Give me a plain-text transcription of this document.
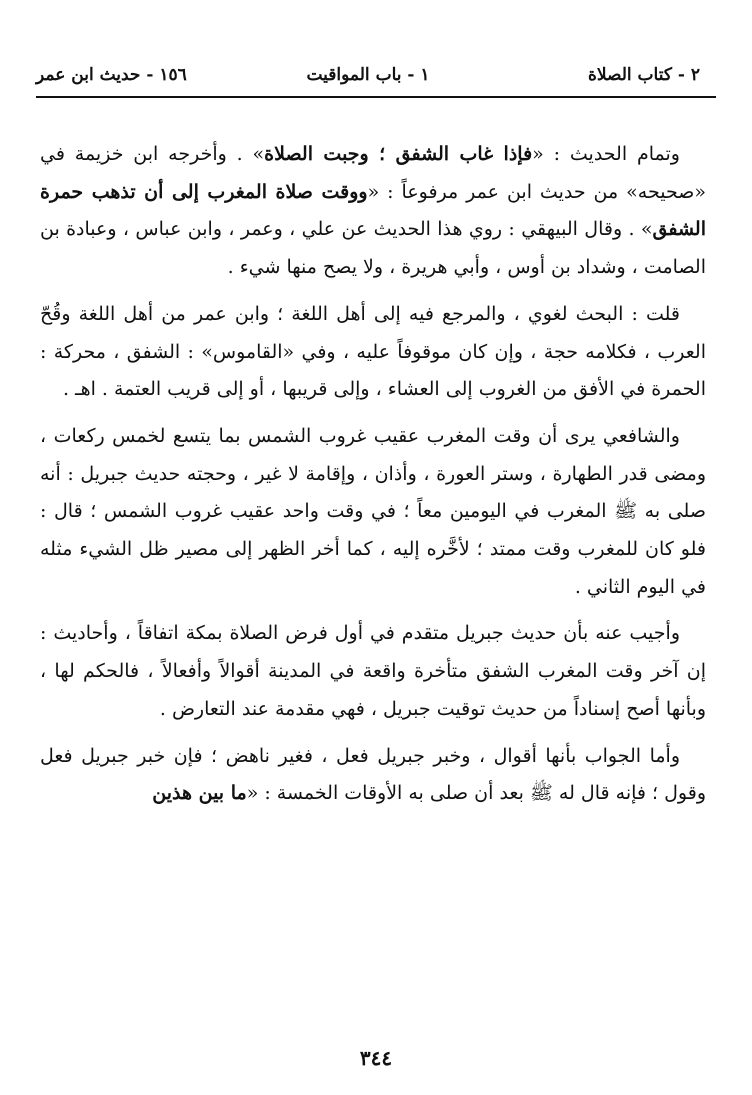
٢ - كتاب الصلاة
١ - باب المواقيت
١٥٦ - حديث ابن عمر

وتمام الحديث : «فإذا غاب الشفق ؛ وجبت الصلاة» . وأخرجه ابن خزيمة في «صحيحه» من حديث ابن عمر مرفوعاً : «ووقت صلاة المغرب إلى أن تذهب حمرة الشفق» . وقال البيهقي : روي هذا الحديث عن علي ، وعمر ، وابن عباس ، وعبادة بن الصامت ، وشداد بن أوس ، وأبي هريرة ، ولا يصح منها شيء .

قلت : البحث لغوي ، والمرجع فيه إلى أهل اللغة ؛ وابن عمر من أهل اللغة وقُحّ العرب ، فكلامه حجة ، وإن كان موقوفاً عليه ، وفي «القاموس» : الشفق ، محركة : الحمرة في الأفق من الغروب إلى العشاء ، وإلى قريبها ، أو إلى قريب العتمة . اهـ .

والشافعي يرى أن وقت المغرب عقيب غروب الشمس بما يتسع لخمس ركعات ، ومضى قدر الطهارة ، وستر العورة ، وأذان ، وإقامة لا غير ، وحجته حديث جبريل : أنه صلى به ﷺ المغرب في اليومين معاً ؛ في وقت واحد عقيب غروب الشمس ؛ قال : فلو كان للمغرب وقت ممتد ؛ لأخَّره إليه ، كما أخر الظهر إلى مصير ظل الشيء مثله في اليوم الثاني .

وأجيب عنه بأن حديث جبريل متقدم في أول فرض الصلاة بمكة اتفاقاً ، وأحاديث : إن آخر وقت المغرب الشفق متأخرة واقعة في المدينة أقوالاً وأفعالاً ، فالحكم لها ، وبأنها أصح إسناداً من حديث توقيت جبريل ، فهي مقدمة عند التعارض .

وأما الجواب بأنها أقوال ، وخبر جبريل فعل ، فغير ناهض ؛ فإن خبر جبريل فعل وقول ؛ فإنه قال له ﷺ بعد أن صلى به الأوقات الخمسة : «ما بين هذين

٣٤٤
